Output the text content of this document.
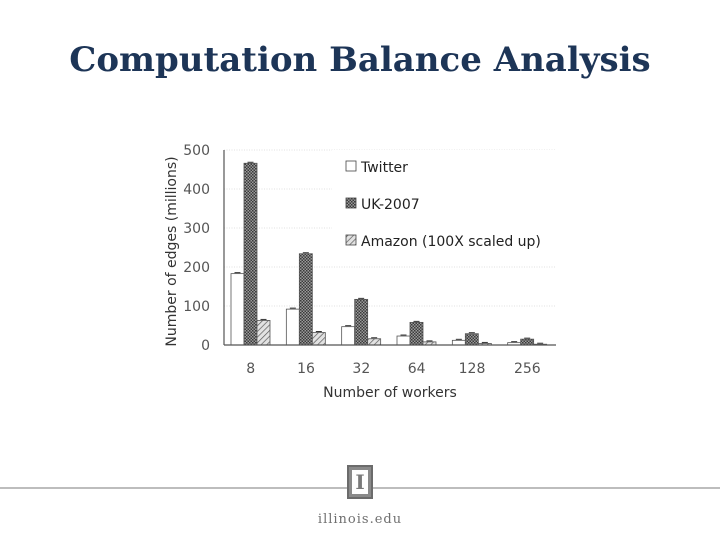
Computation Balance Analysis
0
100
200
300
400
500
8	16	32	64 128 256
Number of workers
Number of edges (millions)	Twitter
UK-2007
Amazon (100X scaled up)
I
illinois.edu
